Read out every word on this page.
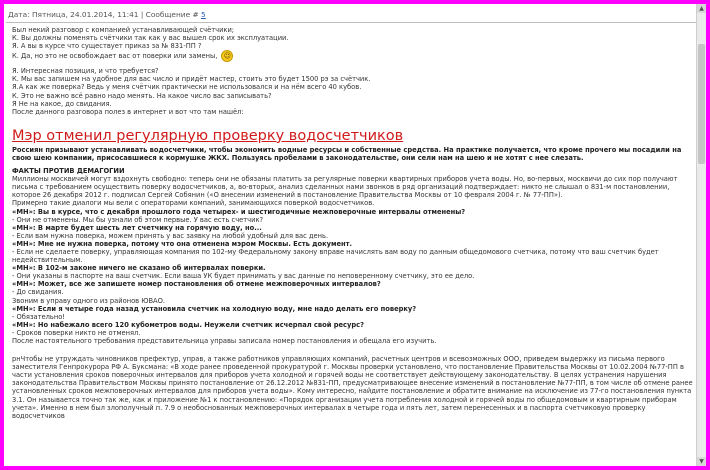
Дата: Пятница, 24.01.2014, 11:41 | Сообщение # 5

Был некий разговор с компанией устанавливающей счётчики;

К. Вы должны поменять счётчики так как у вас вышел срок их эксплуатации.

Я. А вы в курсе что существует приказ за № 831-ПП ?

К. Да, но это не освобождает вас от поверки или замены, ☺

Я. Интересная позиция, и что требуется?

К. Мы вас запишем на удобное для вас число и придёт мастер, стоить это будет 1500 рэ за счётчик.

Я.А как же поверка? Ведь у меня счётчик практически не использовался и на нём всего 40 кубов.

К. Это не важно всё равно надо менять. На какое число вас записывать?

Я Не на какое, до свидания.

После данного разговора полез в интернет и вот что там нашёл:

Мэр отменил регулярную проверку водосчетчиков

Россиян призывают устанавливать водосчетчики, чтобы экономить водные ресурсы и собственные средства. На практике получается, что кроме прочего мы посадили на свою шею компании, присосавшиеся к кормушке ЖКХ. Пользуясь пробелами в законодательстве, они сели нам на шею и не хотят с нее слезать.

ФАКТЫ ПРОТИВ ДЕМАГОГИИ

Миллионы москвичей могут вздохнуть свободно: теперь они не обязаны платить за регулярные поверки квартирных приборов учета воды. Но, во-первых, москвичи до сих пор получают письма с требованием осуществить поверку водосчетчиков, а, во-вторых, анализ сделанных нами звонков в ряд организаций подтверждает: никто не слышал о 831-м постановлении, которое 26 декабря 2012 г. подписал Сергей Собянин («О внесении изменений в постановление Правительства Москвы от 10 февраля 2004 г. № 77-ПП»).

Примерно такие диалоги мы вели с операторами компаний, занимающихся поверкой водосчетчиков.

«МН»: Вы в курсе, что с декабря прошлого года четырех- и шестигодичные межповерочные интервалы отменены?

- Они не отменены. Мы бы узнали об этом первые. У вас есть счетчик?

«МН»: В марте будет шесть лет счетчику на горячую воду, но...

- Если вам нужна поверка, можем принять у вас заявку на любой удобный для вас день.

«МН»: Мне не нужна поверка, потому что она отменена мэром Москвы. Есть документ.

- Если не сделаете поверку, управляющая компания по 102-му Федеральному закону вправе начислять вам воду по данным общедомового счетчика, потому что ваш счетчик будет недействительным.

«МН»: В 102-м законе ничего не сказано об интервалах поверки.

- Они указаны в паспорте на ваш счетчик. Если ваша УК будет принимать у вас данные по неповеренному счетчику, это ее дело.

«МН»: Может, все же запишете номер постановления об отмене межповерочных интервалов?

- До свидания.

Звоним в управу одного из районов ЮВАО.

«МН»: Если я четыре года назад установила счетчик на холодную воду, мне надо делать его поверку?

- Обязательно!

«МН»: Но набежало всего 120 кубометров воды. Неужели счетчик исчерпал свой ресурс?

- Сроков поверки никто не отменял.

После настоятельного требования представительница управы записала номер постановления и обещала его изучить.

рнЧтобы не утруждать чиновников префектур, управ, а также работников управляющих компаний, расчетных центров и всевозможных ООО, приведем выдержку из письма первого заместителя Генпрокурора РФ А. Буксмана: «В ходе ранее проведенной прокуратурой г. Москвы проверки установлено, что постановление Правительства Москвы от 10.02.2004 №77-ПП в части установления сроков поверочных интервалов для приборов учета холодной и горячей воды не соответствует действующему законодательству. В целях устранения нарушения законодательства Правительством Москвы принято постановление от 26.12.2012 №831-ПП, предусматривающее внесение изменений в постановление №77-ПП, в том числе об отмене ранее установленных сроков межповерочных интервалов для приборов учета воды». Кому интересно, найдите постановление и обратите внимание на исключение из 77-го постановления пункта 3.1. Он называется точно так же, как и приложение №1 к постановлению: «Порядок организации учета потребления холодной и горячей воды по общедомовым и квартирным приборам учета». Именно в нем был злополучный п. 7.9 о необоснованных межповерочных интервалах в четыре года и пять лет, затем перенесенных и в паспорта счетчиковую проверку водосчетчиков

▲
▼
